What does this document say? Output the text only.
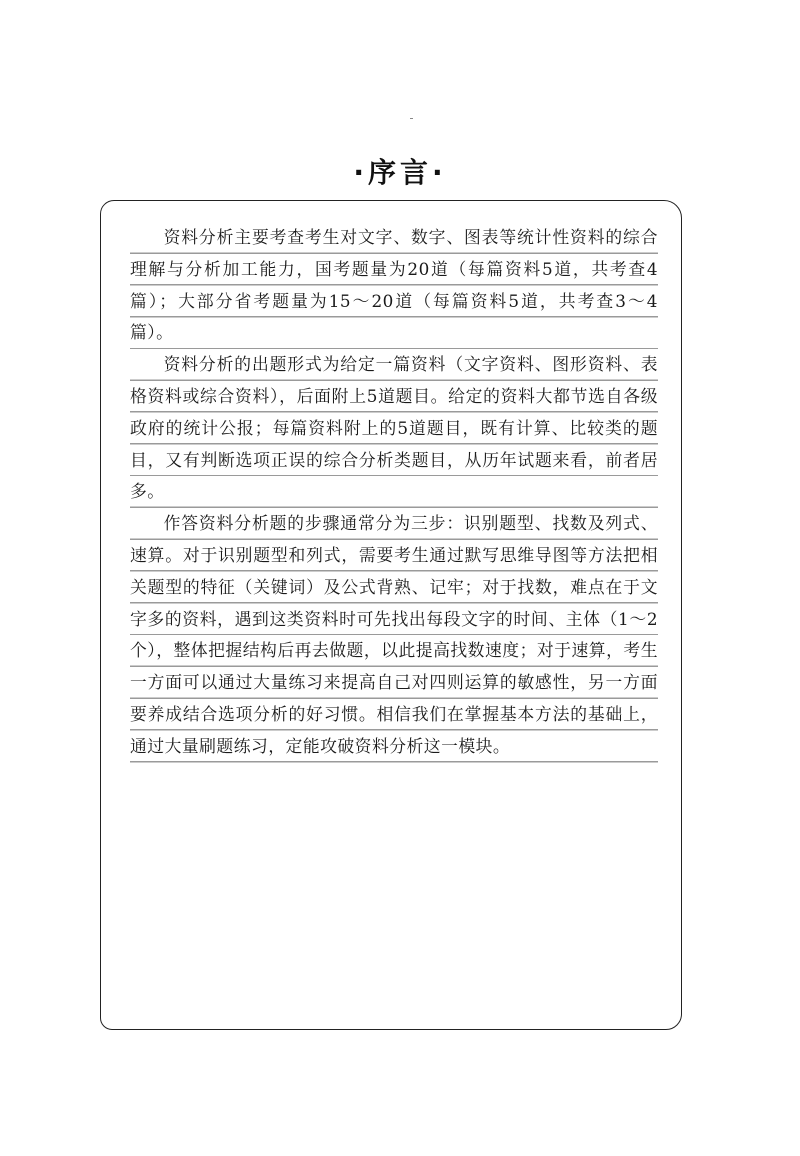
·序言·

资料分析主要考查考生对文字、数字、图表等统计性资料的综合理解与分析加工能力，国考题量为20道（每篇资料5道，共考查4篇）；大部分省考题量为15～20道（每篇资料5道，共考查3～4篇）。

资料分析的出题形式为给定一篇资料（文字资料、图形资料、表格资料或综合资料），后面附上5道题目。给定的资料大都节选自各级政府的统计公报；每篇资料附上的5道题目，既有计算、比较类的题目，又有判断选项正误的综合分析类题目，从历年试题来看，前者居多。

作答资料分析题的步骤通常分为三步：识别题型、找数及列式、速算。对于识别题型和列式，需要考生通过默写思维导图等方法把相关题型的特征（关键词）及公式背熟、记牢；对于找数，难点在于文字多的资料，遇到这类资料时可先找出每段文字的时间、主体（1～2个），整体把握结构后再去做题，以此提高找数速度；对于速算，考生一方面可以通过大量练习来提高自己对四则运算的敏感性，另一方面要养成结合选项分析的好习惯。相信我们在掌握基本方法的基础上，通过大量刷题练习，定能攻破资料分析这一模块。
